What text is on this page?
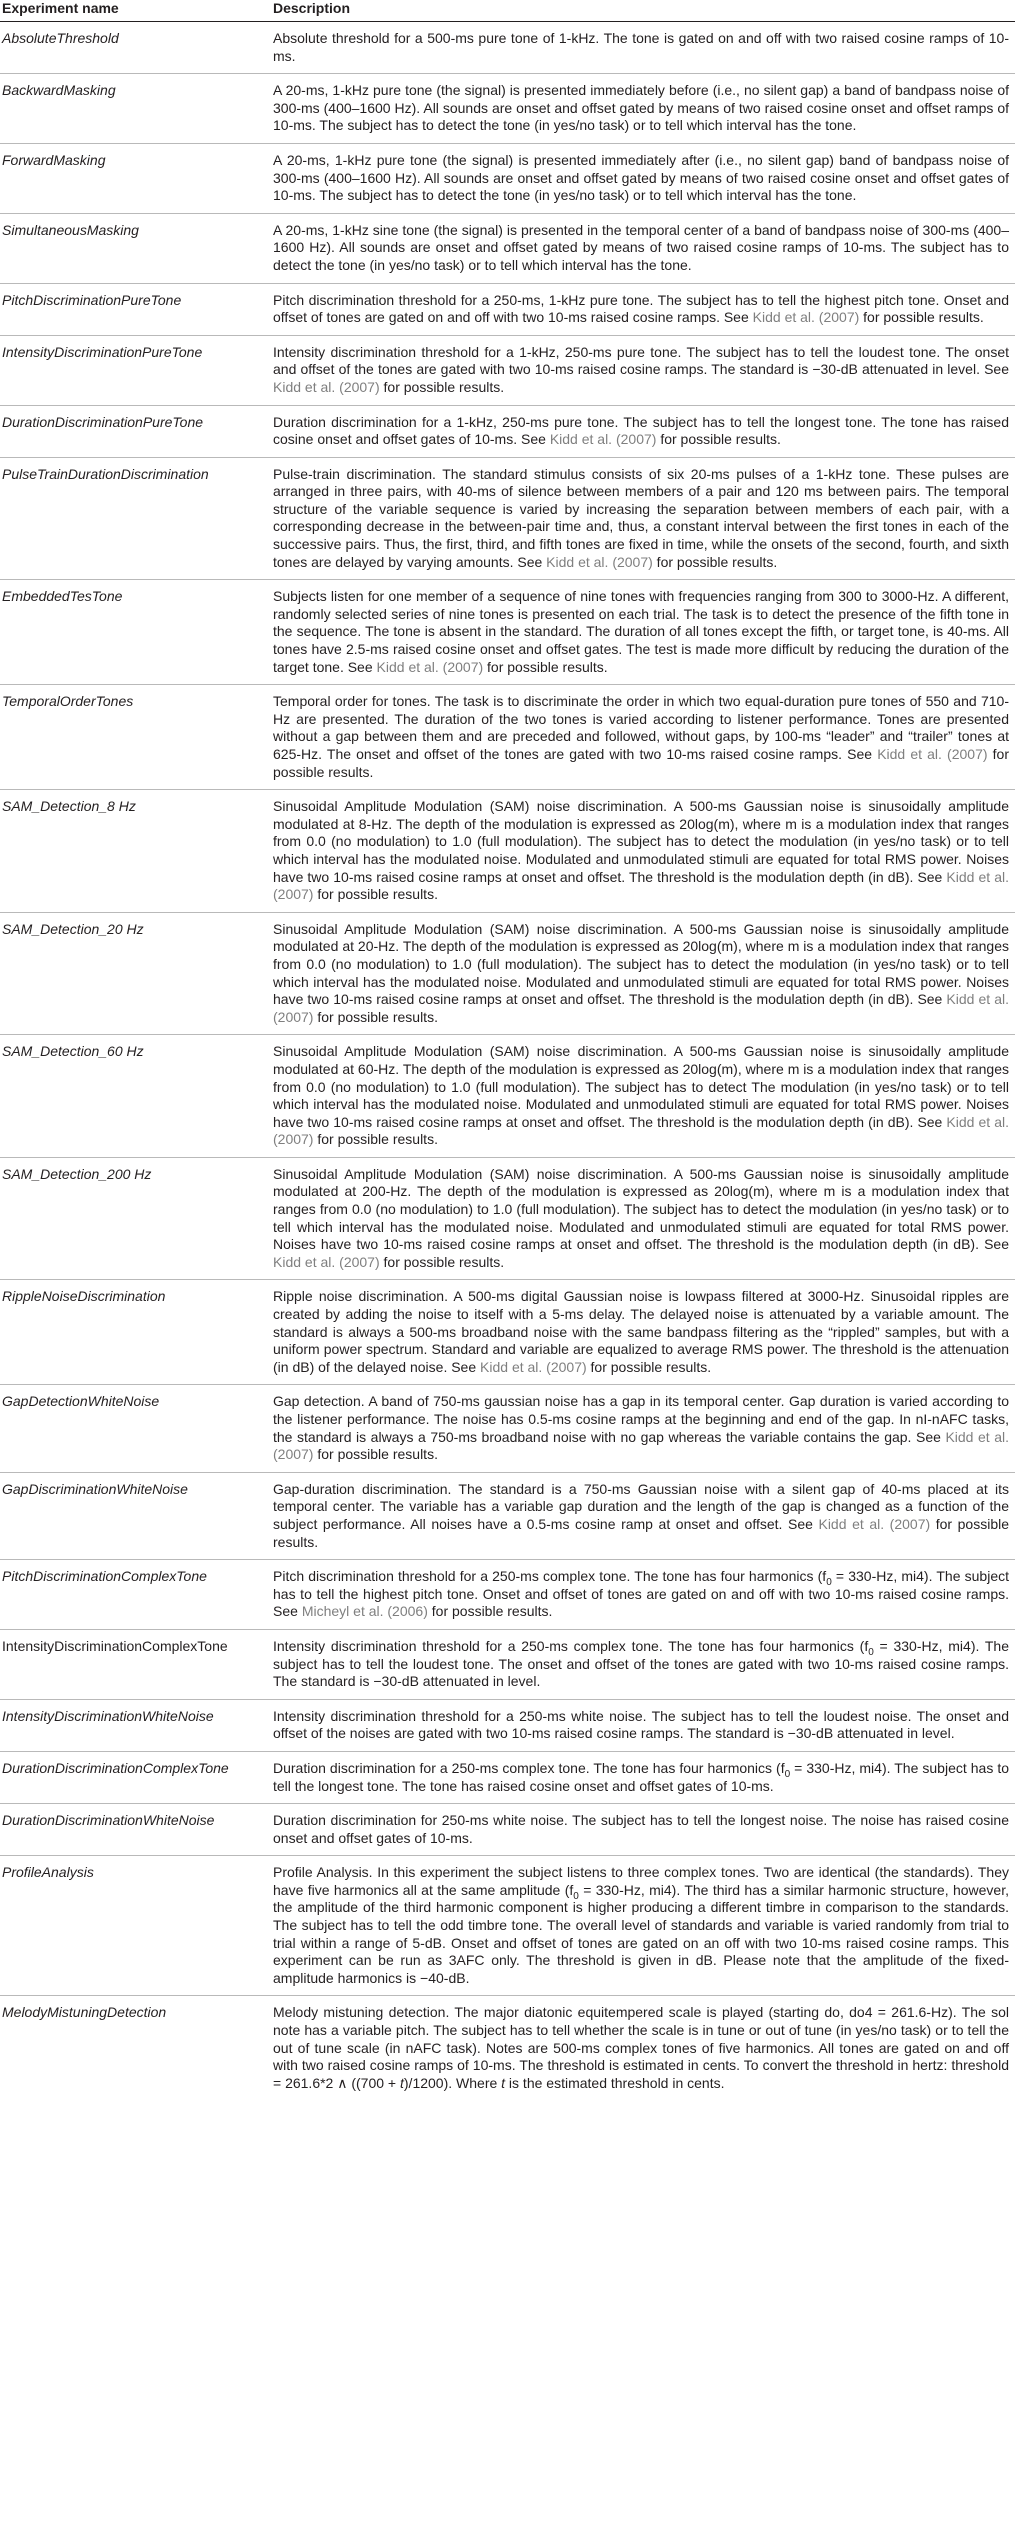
Experiment name	Description
AbsoluteThreshold	Absolute threshold for a 500-ms pure tone of 1-kHz. The tone is gated on and off with two raised cosine ramps of 10-ms.
BackwardMasking	A 20-ms, 1-kHz pure tone (the signal) is presented immediately before (i.e., no silent gap) a band of bandpass noise of 300-ms (400–1600 Hz). All sounds are onset and offset gated by means of two raised cosine onset and offset ramps of 10-ms. The subject has to detect the tone (in yes/no task) or to tell which interval has the tone.
ForwardMasking	A 20-ms, 1-kHz pure tone (the signal) is presented immediately after (i.e., no silent gap) band of bandpass noise of 300-ms (400–1600 Hz). All sounds are onset and offset gated by means of two raised cosine onset and offset gates of 10-ms. The subject has to detect the tone (in yes/no task) or to tell which interval has the tone.
SimultaneousMasking	A 20-ms, 1-kHz sine tone (the signal) is presented in the temporal center of a band of bandpass noise of 300-ms (400–1600 Hz). All sounds are onset and offset gated by means of two raised cosine ramps of 10-ms. The subject has to detect the tone (in yes/no task) or to tell which interval has the tone.
PitchDiscriminationPureTone	Pitch discrimination threshold for a 250-ms, 1-kHz pure tone. The subject has to tell the highest pitch tone. Onset and offset of tones are gated on and off with two 10-ms raised cosine ramps. See Kidd et al. (2007) for possible results.
IntensityDiscriminationPureTone	Intensity discrimination threshold for a 1-kHz, 250-ms pure tone. The subject has to tell the loudest tone. The onset and offset of the tones are gated with two 10-ms raised cosine ramps. The standard is −30-dB attenuated in level. See Kidd et al. (2007) for possible results.
DurationDiscriminationPureTone	Duration discrimination for a 1-kHz, 250-ms pure tone. The subject has to tell the longest tone. The tone has raised cosine onset and offset gates of 10-ms. See Kidd et al. (2007) for possible results.
PulseTrainDurationDiscrimination	Pulse-train discrimination. The standard stimulus consists of six 20-ms pulses of a 1-kHz tone. These pulses are arranged in three pairs, with 40-ms of silence between members of a pair and 120 ms between pairs. The temporal structure of the variable sequence is varied by increasing the separation between members of each pair, with a corresponding decrease in the between-pair time and, thus, a constant interval between the first tones in each of the successive pairs. Thus, the first, third, and fifth tones are fixed in time, while the onsets of the second, fourth, and sixth tones are delayed by varying amounts. See Kidd et al. (2007) for possible results.
EmbeddedTesTone	Subjects listen for one member of a sequence of nine tones with frequencies ranging from 300 to 3000-Hz. A different, randomly selected series of nine tones is presented on each trial. The task is to detect the presence of the fifth tone in the sequence. The tone is absent in the standard. The duration of all tones except the fifth, or target tone, is 40-ms. All tones have 2.5-ms raised cosine onset and offset gates. The test is made more difficult by reducing the duration of the target tone. See Kidd et al. (2007) for possible results.
TemporalOrderTones	Temporal order for tones. The task is to discriminate the order in which two equal-duration pure tones of 550 and 710-Hz are presented. The duration of the two tones is varied according to listener performance. Tones are presented without a gap between them and are preceded and followed, without gaps, by 100-ms “leader” and “trailer” tones at 625-Hz. The onset and offset of the tones are gated with two 10-ms raised cosine ramps. See Kidd et al. (2007) for possible results.
SAM_Detection_8 Hz	Sinusoidal Amplitude Modulation (SAM) noise discrimination. A 500-ms Gaussian noise is sinusoidally amplitude modulated at 8-Hz. The depth of the modulation is expressed as 20log(m), where m is a modulation index that ranges from 0.0 (no modulation) to 1.0 (full modulation). The subject has to detect the modulation (in yes/no task) or to tell which interval has the modulated noise. Modulated and unmodulated stimuli are equated for total RMS power. Noises have two 10-ms raised cosine ramps at onset and offset. The threshold is the modulation depth (in dB). See Kidd et al. (2007) for possible results.
SAM_Detection_20 Hz	Sinusoidal Amplitude Modulation (SAM) noise discrimination. A 500-ms Gaussian noise is sinusoidally amplitude modulated at 20-Hz. The depth of the modulation is expressed as 20log(m), where m is a modulation index that ranges from 0.0 (no modulation) to 1.0 (full modulation). The subject has to detect the modulation (in yes/no task) or to tell which interval has the modulated noise. Modulated and unmodulated stimuli are equated for total RMS power. Noises have two 10-ms raised cosine ramps at onset and offset. The threshold is the modulation depth (in dB). See Kidd et al. (2007) for possible results.
SAM_Detection_60 Hz	Sinusoidal Amplitude Modulation (SAM) noise discrimination. A 500-ms Gaussian noise is sinusoidally amplitude modulated at 60-Hz. The depth of the modulation is expressed as 20log(m), where m is a modulation index that ranges from 0.0 (no modulation) to 1.0 (full modulation). The subject has to detect The modulation (in yes/no task) or to tell which interval has the modulated noise. Modulated and unmodulated stimuli are equated for total RMS power. Noises have two 10-ms raised cosine ramps at onset and offset. The threshold is the modulation depth (in dB). See Kidd et al. (2007) for possible results.
SAM_Detection_200 Hz	Sinusoidal Amplitude Modulation (SAM) noise discrimination. A 500-ms Gaussian noise is sinusoidally amplitude modulated at 200-Hz. The depth of the modulation is expressed as 20log(m), where m is a modulation index that ranges from 0.0 (no modulation) to 1.0 (full modulation). The subject has to detect the modulation (in yes/no task) or to tell which interval has the modulated noise. Modulated and unmodulated stimuli are equated for total RMS power. Noises have two 10-ms raised cosine ramps at onset and offset. The threshold is the modulation depth (in dB). See Kidd et al. (2007) for possible results.
RippleNoiseDiscrimination	Ripple noise discrimination. A 500-ms digital Gaussian noise is lowpass filtered at 3000-Hz. Sinusoidal ripples are created by adding the noise to itself with a 5-ms delay. The delayed noise is attenuated by a variable amount. The standard is always a 500-ms broadband noise with the same bandpass filtering as the “rippled” samples, but with a uniform power spectrum. Standard and variable are equalized to average RMS power. The threshold is the attenuation (in dB) of the delayed noise. See Kidd et al. (2007) for possible results.
GapDetectionWhiteNoise	Gap detection. A band of 750-ms gaussian noise has a gap in its temporal center. Gap duration is varied according to the listener performance. The noise has 0.5-ms cosine ramps at the beginning and end of the gap. In nI-nAFC tasks, the standard is always a 750-ms broadband noise with no gap whereas the variable contains the gap. See Kidd et al. (2007) for possible results.
GapDiscriminationWhiteNoise	Gap-duration discrimination. The standard is a 750-ms Gaussian noise with a silent gap of 40-ms placed at its temporal center. The variable has a variable gap duration and the length of the gap is changed as a function of the subject performance. All noises have a 0.5-ms cosine ramp at onset and offset. See Kidd et al. (2007) for possible results.
PitchDiscriminationComplexTone	Pitch discrimination threshold for a 250-ms complex tone. The tone has four harmonics ($f_0 = 330-Hz$, mi4). The subject has to tell the highest pitch tone. Onset and offset of tones are gated on and off with two 10-ms raised cosine ramps. See Micheyl et al. (2006) for possible results.
IntensityDiscriminationComplexTone	Intensity discrimination threshold for a 250-ms complex tone. The tone has four harmonics ($f_0 = 330-Hz$, mi4). The subject has to tell the loudest tone. The onset and offset of the tones are gated with two 10-ms raised cosine ramps. The standard is −30-dB attenuated in level.
IntensityDiscriminationWhiteNoise	Intensity discrimination threshold for a 250-ms white noise. The subject has to tell the loudest noise. The onset and offset of the noises are gated with two 10-ms raised cosine ramps. The standard is −30-dB attenuated in level.
DurationDiscriminationComplexTone	Duration discrimination for a 250-ms complex tone. The tone has four harmonics ($f_0 = 330-Hz$, mi4). The subject has to tell the longest tone. The tone has raised cosine onset and offset gates of 10-ms.
DurationDiscriminationWhiteNoise	Duration discrimination for 250-ms white noise. The subject has to tell the longest noise. The noise has raised cosine onset and offset gates of 10-ms.
ProfileAnalysis	Profile Analysis. In this experiment the subject listens to three complex tones. Two are identical (the standards). They have five harmonics all at the same amplitude ($f_0 = 330-Hz$, mi4). The third has a similar harmonic structure, however, the amplitude of the third harmonic component is higher producing a different timbre in comparison to the standards. The subject has to tell the odd timbre tone. The overall level of standards and variable is varied randomly from trial to trial within a range of 5-dB. Onset and offset of tones are gated on an off with two 10-ms raised cosine ramps. This experiment can be run as 3AFC only. The threshold is given in dB. Please note that the amplitude of the fixed-amplitude harmonics is −40-dB.
MelodyMistuningDetection	Melody mistuning detection. The major diatonic equitempered scale is played (starting do, do4 = 261.6-Hz). The sol note has a variable pitch. The subject has to tell whether the scale is in tune or out of tune (in yes/no task) or to tell the out of tune scale (in nAFC task). Notes are 500-ms complex tones of five harmonics. All tones are gated on and off with two raised cosine ramps of 10-ms. The threshold is estimated in cents. To convert the threshold in hertz: threshold = 261.6*2 ∧ ((700 + t)/1200). Where t is the estimated threshold in cents.
